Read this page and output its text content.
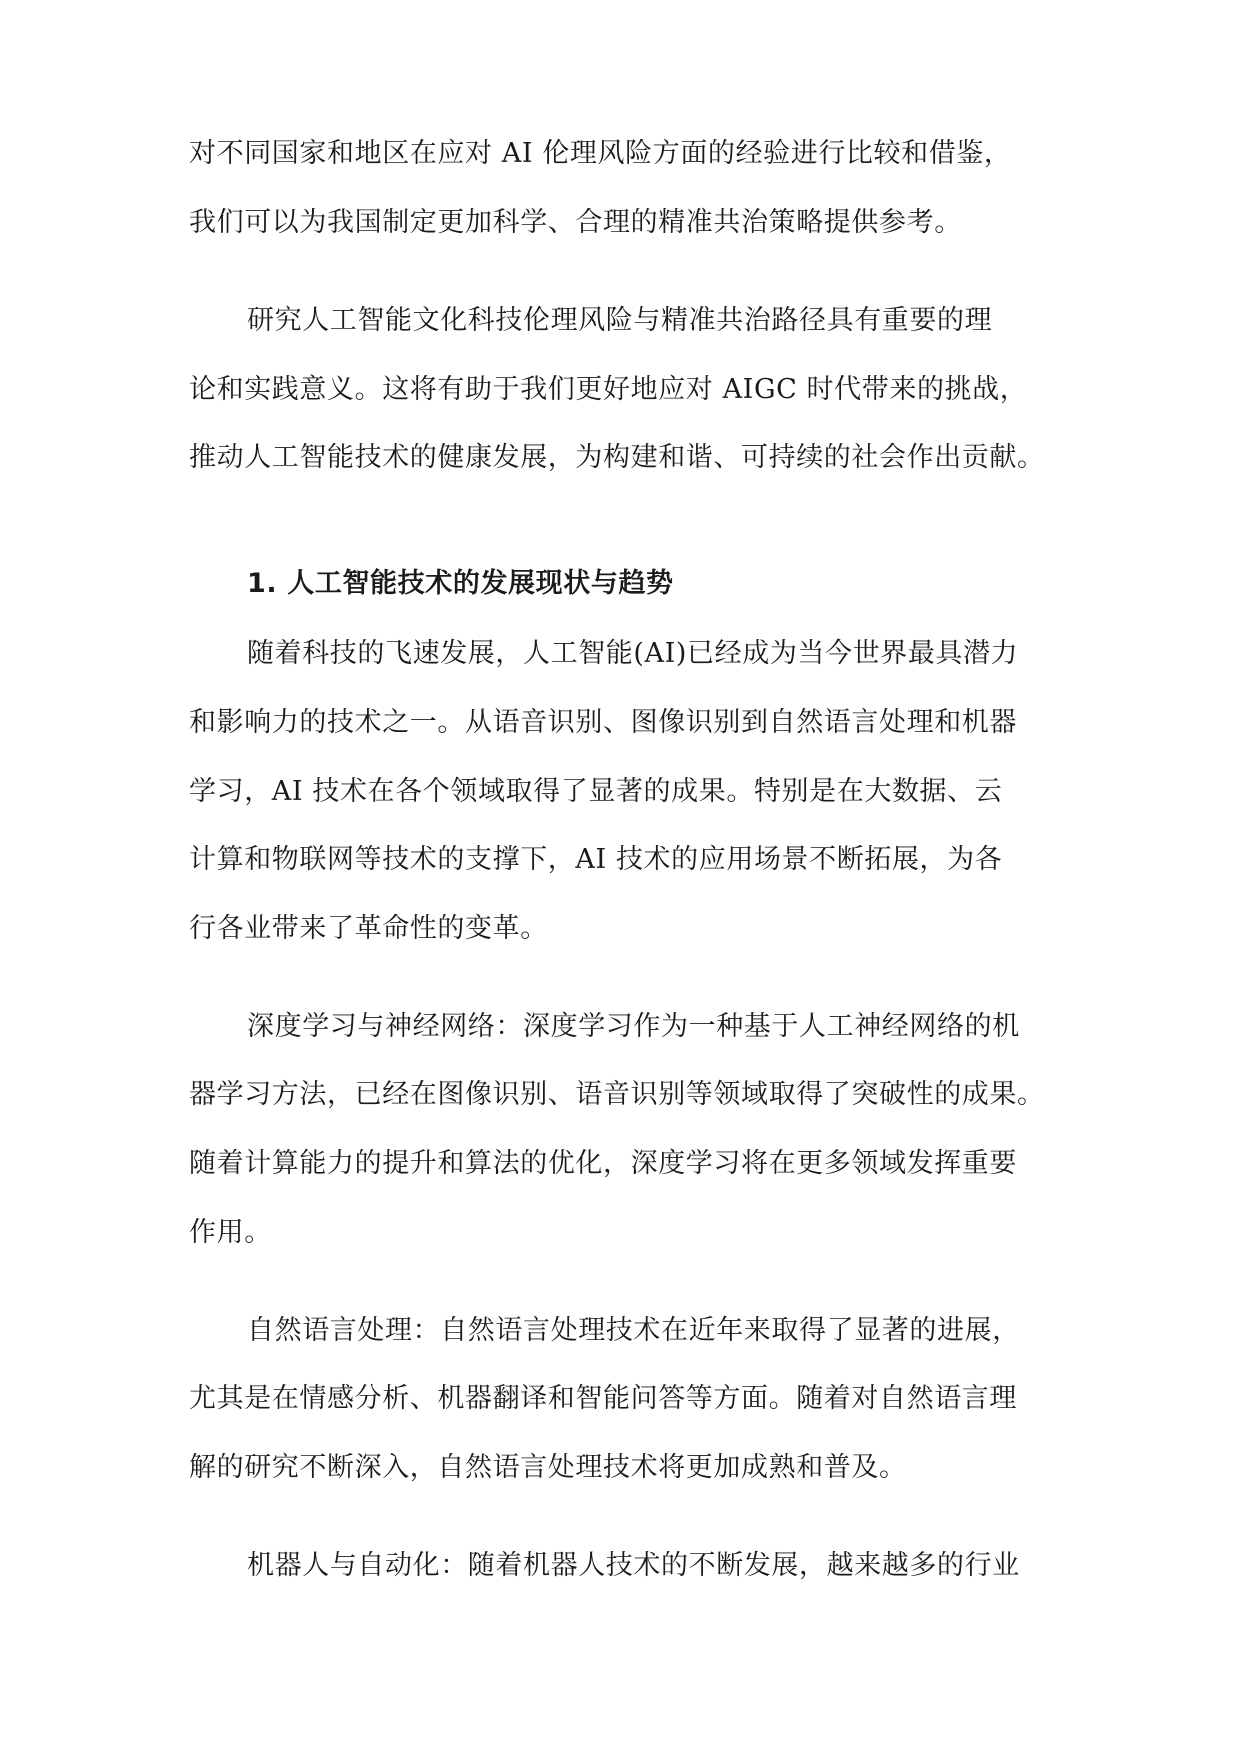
对不同国家和地区在应对 AI 伦理风险方面的经验进行比较和借鉴，
我们可以为我国制定更加科学、合理的精准共治策略提供参考。
研究人工智能文化科技伦理风险与精准共治路径具有重要的理
论和实践意义。这将有助于我们更好地应对 AIGC 时代带来的挑战，
推动人工智能技术的健康发展，为构建和谐、可持续的社会作出贡献。
1. 人工智能技术的发展现状与趋势
随着科技的飞速发展，人工智能(AI)已经成为当今世界最具潜力
和影响力的技术之一。从语音识别、图像识别到自然语言处理和机器
学习，AI 技术在各个领域取得了显著的成果。特别是在大数据、云
计算和物联网等技术的支撑下，AI 技术的应用场景不断拓展，为各
行各业带来了革命性的变革。
深度学习与神经网络：深度学习作为一种基于人工神经网络的机
器学习方法，已经在图像识别、语音识别等领域取得了突破性的成果。
随着计算能力的提升和算法的优化，深度学习将在更多领域发挥重要
作用。
自然语言处理：自然语言处理技术在近年来取得了显著的进展，
尤其是在情感分析、机器翻译和智能问答等方面。随着对自然语言理
解的研究不断深入，自然语言处理技术将更加成熟和普及。
机器人与自动化：随着机器人技术的不断发展，越来越多的行业
